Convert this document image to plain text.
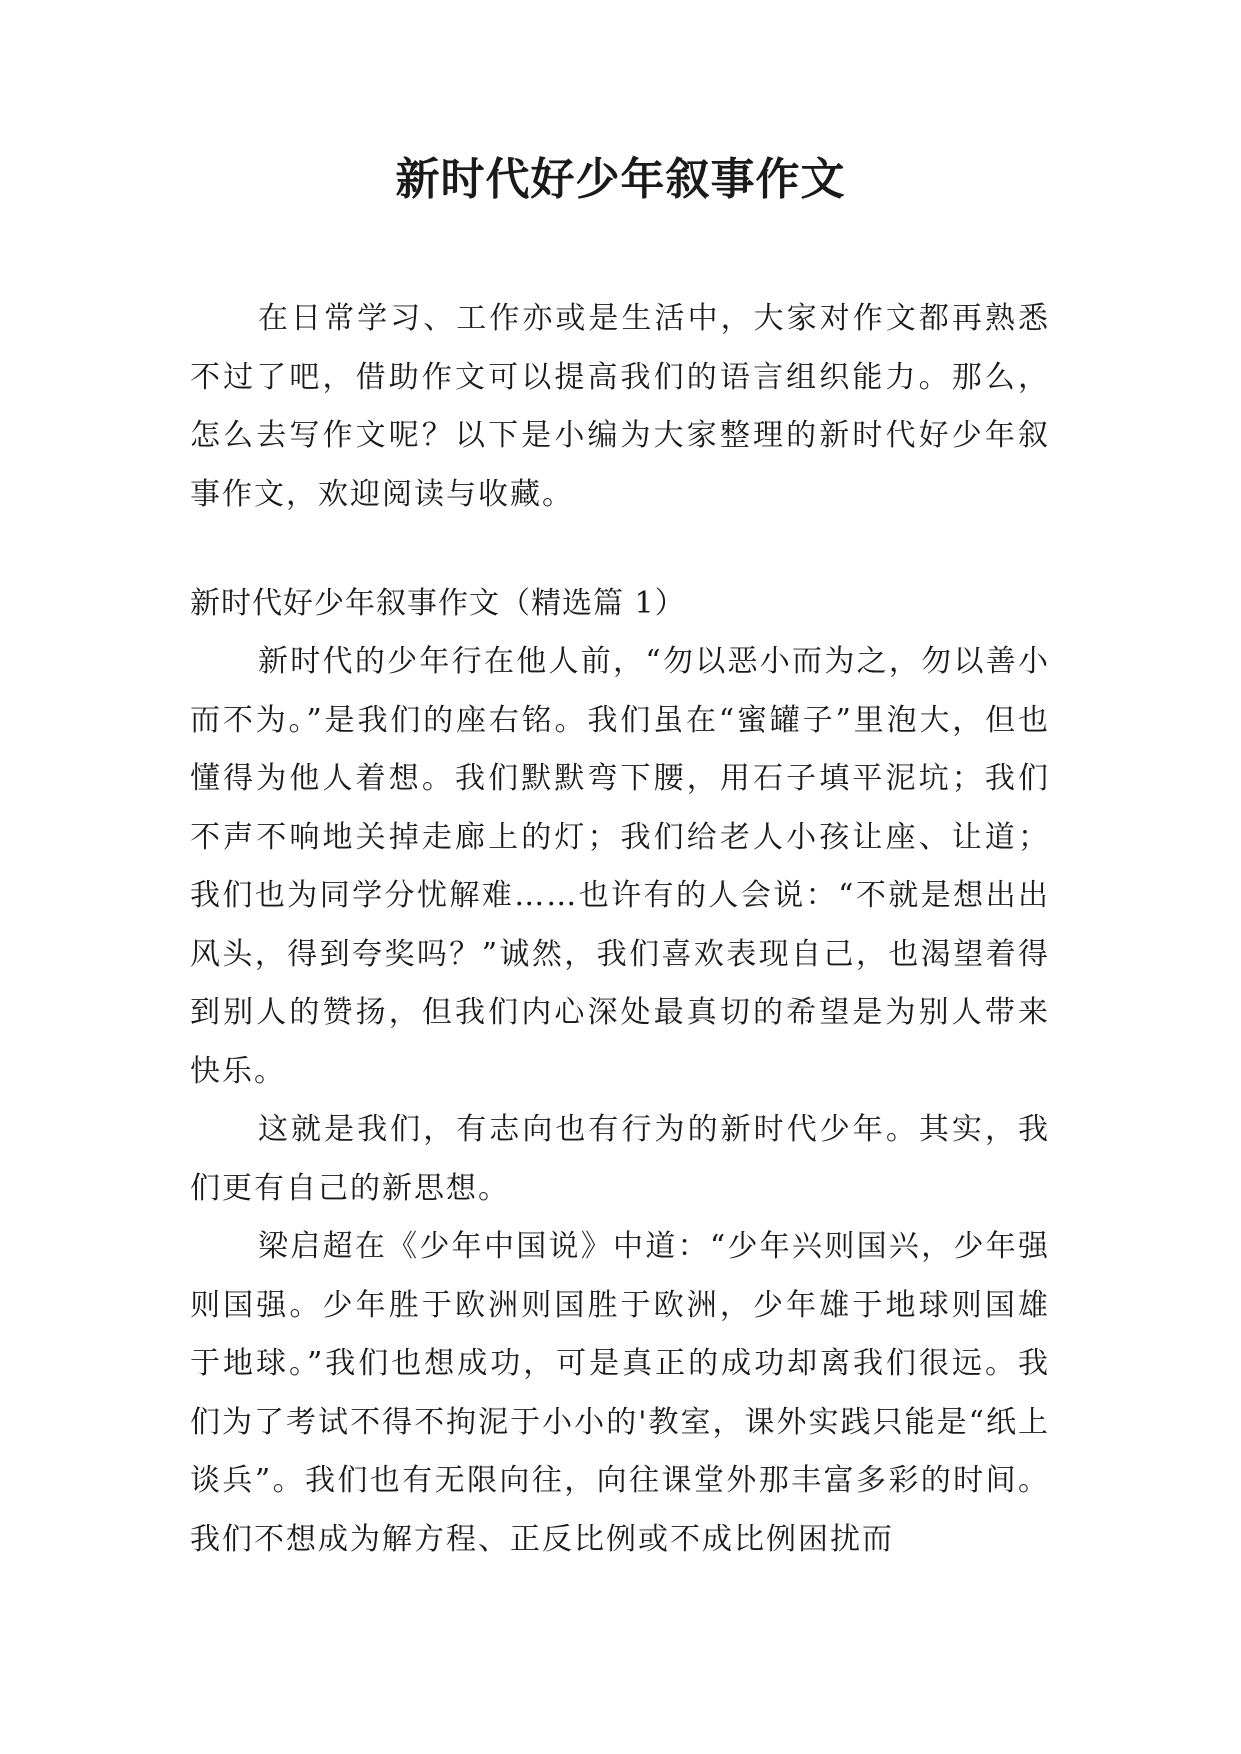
新时代好少年叙事作文

在日常学习、工作亦或是生活中，大家对作文都再熟悉不过了吧，借助作文可以提高我们的语言组织能力。那么，怎么去写作文呢？以下是小编为大家整理的新时代好少年叙事作文，欢迎阅读与收藏。

新时代好少年叙事作文（精选篇 1）

新时代的少年行在他人前，“勿以恶小而为之，勿以善小而不为。”是我们的座右铭。我们虽在“蜜罐子”里泡大，但也懂得为他人着想。我们默默弯下腰，用石子填平泥坑；我们不声不响地关掉走廊上的灯；我们给老人小孩让座、让道；我们也为同学分忧解难……也许有的人会说：“不就是想出出风头，得到夸奖吗？”诚然，我们喜欢表现自己，也渴望着得到别人的赞扬，但我们内心深处最真切的希望是为别人带来快乐。

这就是我们，有志向也有行为的新时代少年。其实，我们更有自己的新思想。

梁启超在《少年中国说》中道：“少年兴则国兴，少年强则国强。少年胜于欧洲则国胜于欧洲，少年雄于地球则国雄于地球。”我们也想成功，可是真正的成功却离我们很远。我们为了考试不得不拘泥于小小的'教室，课外实践只能是“纸上谈兵”。我们也有无限向往，向往课堂外那丰富多彩的时间。我们不想成为解方程、正反比例或不成比例困扰而
